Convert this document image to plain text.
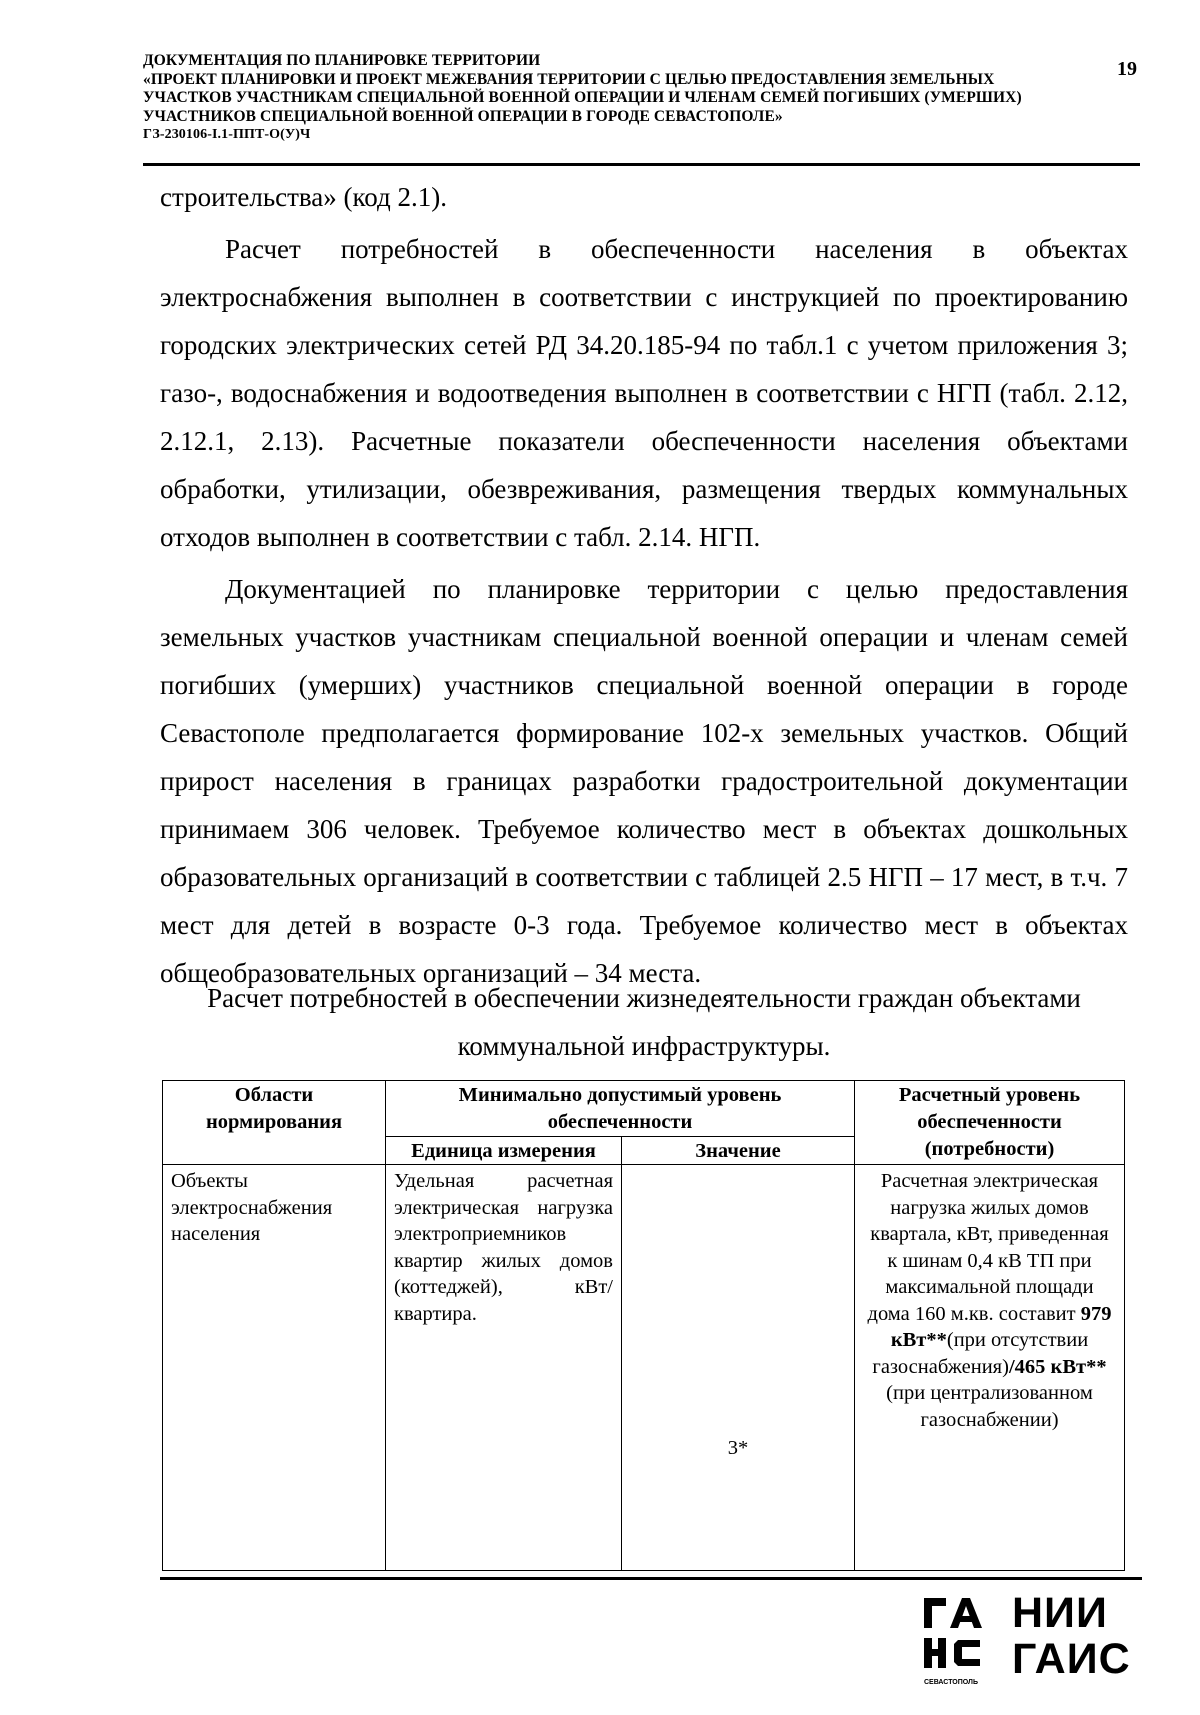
ДОКУМЕНТАЦИЯ ПО ПЛАНИРОВКЕ ТЕРРИТОРИИ
«ПРОЕКТ ПЛАНИРОВКИ И ПРОЕКТ МЕЖЕВАНИЯ ТЕРРИТОРИИ С ЦЕЛЬЮ ПРЕДОСТАВЛЕНИЯ ЗЕМЕЛЬНЫХ
УЧАСТКОВ УЧАСТНИКАМ СПЕЦИАЛЬНОЙ ВОЕННОЙ ОПЕРАЦИИ И ЧЛЕНАМ СЕМЕЙ ПОГИБШИХ (УМЕРШИХ)
УЧАСТНИКОВ СПЕЦИАЛЬНОЙ ВОЕННОЙ ОПЕРАЦИИ В ГОРОДЕ СЕВАСТОПОЛЕ»
ГЗ-230106-I.1-ППТ-О(У)Ч
19

строительства» (код 2.1).

Расчет потребностей в обеспеченности населения в объектах электроснабжения выполнен в соответствии с инструкцией по проектированию городских электрических сетей РД 34.20.185-94 по табл.1 с учетом приложения 3; газо-, водоснабжения и водоотведения выполнен в соответствии с НГП (табл. 2.12, 2.12.1, 2.13). Расчетные показатели обеспеченности населения объектами обработки, утилизации, обезвреживания, размещения твердых коммунальных отходов выполнен в соответствии с табл. 2.14. НГП.

Документацией по планировке территории с целью предоставления земельных участков участникам специальной военной операции и членам семей погибших (умерших) участников специальной военной операции в городе Севастополе предполагается формирование 102-х земельных участков. Общий прирост населения в границах разработки градостроительной документации принимаем 306 человек. Требуемое количество мест в объектах дошкольных образовательных организаций в соответствии с таблицей 2.5 НГП – 17 мест, в т.ч. 7 мест для детей в возрасте 0-3 года. Требуемое количество мест в объектах общеобразовательных организаций – 34 места.

Расчет потребностей в обеспечении жизнедеятельности граждан объектами
коммунальной инфраструктуры.
Области нормирования	Минимально допустимый уровень обеспеченности		Расчетный уровень обеспеченности (потребности)
	Единица измерения	Значение	
Объекты электроснабжения населения	Удельная расчетная электрическая нагрузка электроприемников квартир жилых домов (коттеджей), кВт/квартира.	3*	Расчетная электрическая нагрузка жилых домов квартала, кВт, приведенная к шинам 0,4 кВ ТП при максимальной площади дома 160 м.кв. составит 979 кВт**(при отсутствии газоснабжения)/465 кВт**(при централизованном газоснабжении)
СЕВАСТОПОЛЬ
НИИ
ГАИС
